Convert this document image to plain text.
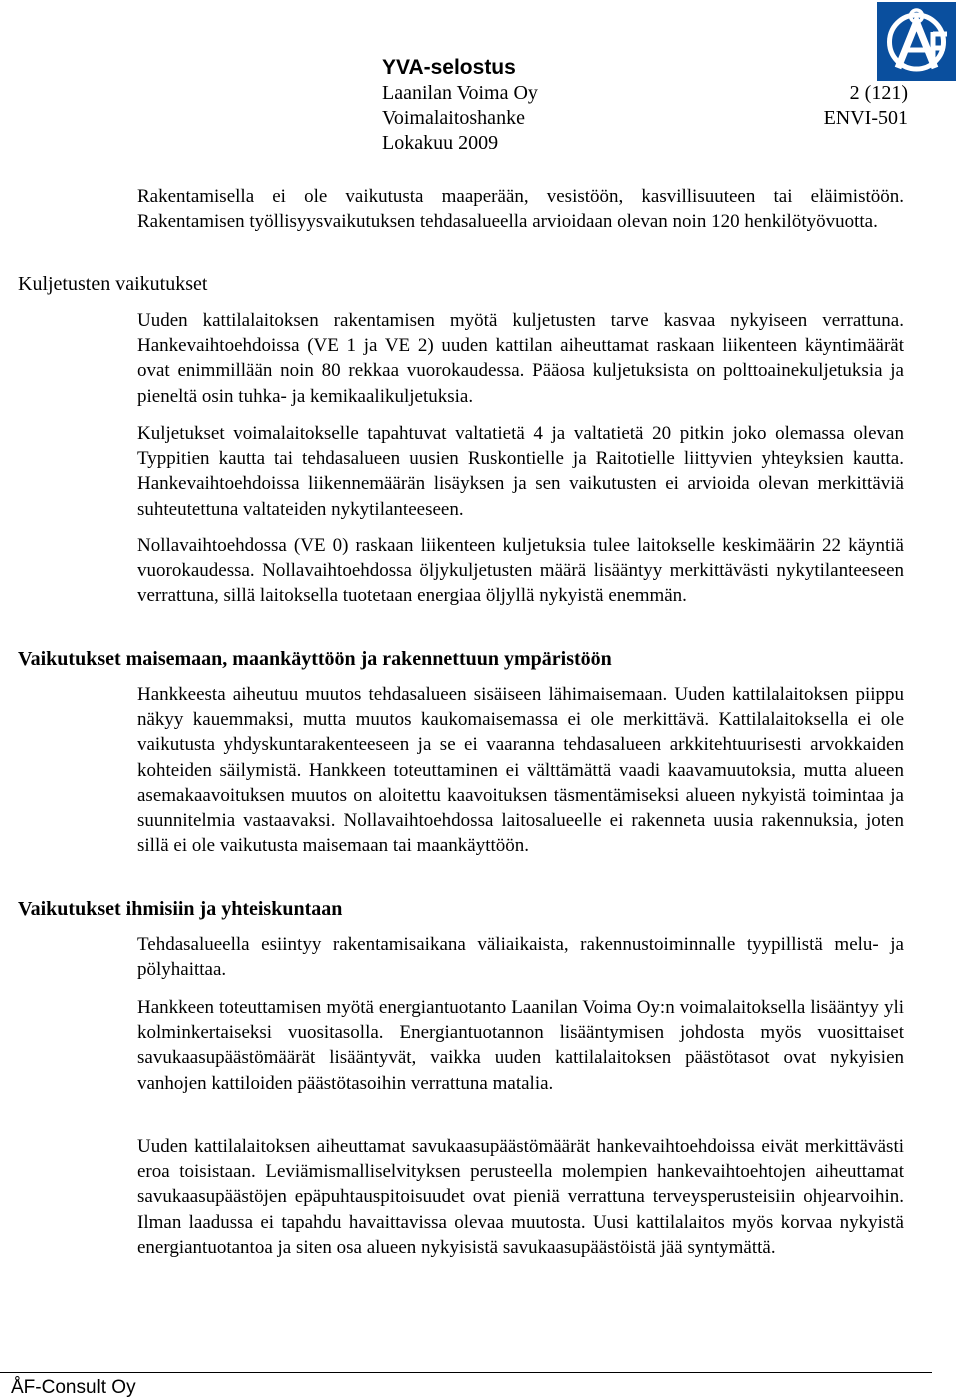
YVA-selostus
Laanilan Voima Oy	2 (121)
Voimalaitoshanke	ENVI-501
Lokakuu 2009

Rakentamisella ei ole vaikutusta maaperään, vesistöön, kasvillisuuteen tai eläimistöön. Rakentamisen työllisyysvaikutuksen tehdasalueella arvioidaan olevan noin 120 henkilötyövuotta.

Kuljetusten vaikutukset

Uuden kattilalaitoksen rakentamisen myötä kuljetusten tarve kasvaa nykyiseen verrattuna. Hankevaihtoehdoissa (VE 1 ja VE 2) uuden kattilan aiheuttamat raskaan liikenteen käyntimäärät ovat enimmillään noin 80 rekkaa vuorokaudessa. Pääosa kuljetuksista on polttoainekuljetuksia ja pieneltä osin tuhka- ja kemikaalikuljetuksia.

Kuljetukset voimalaitokselle tapahtuvat valtatietä 4 ja valtatietä 20 pitkin joko olemassa olevan Typpitien kautta tai tehdasalueen uusien Ruskontielle ja Raitotielle liittyvien yhteyksien kautta. Hankevaihtoehdoissa liikennemäärän lisäyksen ja sen vaikutusten ei arvioida olevan merkittäviä suhteutettuna valtateiden nykytilanteeseen.

Nollavaihtoehdossa (VE 0) raskaan liikenteen kuljetuksia tulee laitokselle keskimäärin 22 käyntiä vuorokaudessa. Nollavaihtoehdossa öljykuljetusten määrä lisääntyy merkittävästi nykytilanteeseen verrattuna, sillä laitoksella tuotetaan energiaa öljyllä nykyistä enemmän.

Vaikutukset maisemaan, maankäyttöön ja rakennettuun ympäristöön

Hankkeesta aiheutuu muutos tehdasalueen sisäiseen lähimaisemaan. Uuden kattilalaitoksen piippu näkyy kauemmaksi, mutta muutos kaukomaisemassa ei ole merkittävä. Kattilalaitoksella ei ole vaikutusta yhdyskuntarakenteeseen ja se ei vaaranna tehdasalueen arkkitehtuurisesti arvokkaiden kohteiden säilymistä. Hankkeen toteuttaminen ei välttämättä vaadi kaavamuutoksia, mutta alueen asemakaavoituksen muutos on aloitettu kaavoituksen täsmentämiseksi alueen nykyistä toimintaa ja suunnitelmia vastaavaksi. Nollavaihtoehdossa laitosalueelle ei rakenneta uusia rakennuksia, joten sillä ei ole vaikutusta maisemaan tai maankäyttöön.

Vaikutukset ihmisiin ja yhteiskuntaan

Tehdasalueella esiintyy rakentamisaikana väliaikaista, rakennustoiminnalle tyypillistä melu- ja pölyhaittaa.

Hankkeen toteuttamisen myötä energiantuotanto Laanilan Voima Oy:n voimalaitoksella lisääntyy yli kolminkertaiseksi vuositasolla. Energiantuotannon lisääntymisen johdosta myös vuosittaiset savukaasupäästömäärät lisääntyvät, vaikka uuden kattilalaitoksen päästötasot ovat nykyisien vanhojen kattiloiden päästötasoihin verrattuna matalia.

Uuden kattilalaitoksen aiheuttamat savukaasupäästömäärät hankevaihtoehdoissa eivät merkittävästi eroa toisistaan. Leviämismalliselvityksen perusteella molempien hankevaihtoehtojen aiheuttamat savukaasupäästöjen epäpuhtauspitoisuudet ovat pieniä verrattuna terveysperusteisiin ohjearvoihin. Ilman laadussa ei tapahdu havaittavissa olevaa muutosta. Uusi kattilalaitos myös korvaa nykyistä energiantuotantoa ja siten osa alueen nykyisistä savukaasupäästöistä jää syntymättä.

ÅF-Consult Oy
